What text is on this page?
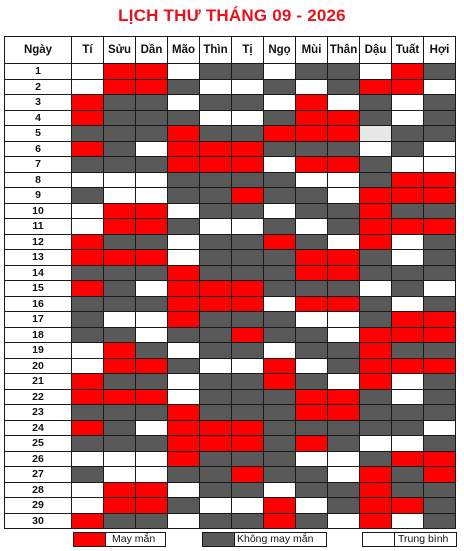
LỊCH THƯ THÁNG 09 - 2026
Ngày	Tí	Sửu	Dần	Mão	Thìn	Tị	Ngọ	Mùi	Thân	Dậu	Tuất	Hợi
1												
2												
3												
4												
5												
6												
7												
8												
9												
10												
11												
12												
13												
14												
15												
16												
17												
18												
19												
20												
21												
22												
23												
24												
25												
26												
27												
28												
29												
30												
May mắn	Không may mắn	Trung bình
